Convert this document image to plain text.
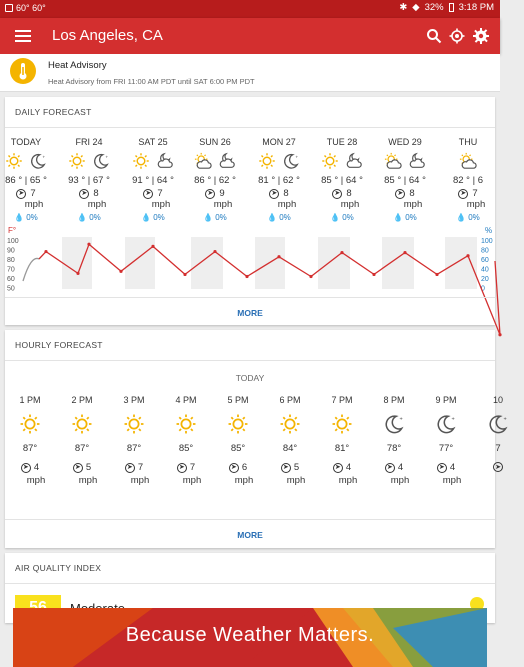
60° 60°	✱ ◆ 32% 3:18 PM
Los Angeles, CA
Heat Advisory
Heat Advisory from FRI 11:00 AM PDT until SAT 6:00 PM PDT
DAILY FORECAST
TODAY
+
86 ° | 65 °
➤ 7
mph
💧 0%
FRI 24
+
93 ° | 67 °
➤ 8
mph
💧 0%
SAT 25
91 ° | 64 °
➤ 7
mph
💧 0%
SUN 26
86 ° | 62 °
➤ 9
mph
💧 0%
MON 27
+
81 ° | 62 °
➤ 8
mph
💧 0%
TUE 28
85 ° | 64 °
➤ 8
mph
💧 0%
WED 29
85 ° | 64 °
➤ 8
mph
💧 0%
THU
82 ° | 6
➤ 7
mph
💧 0%
100
90
80
70
60
50
100
80
60
40
20
0
F°	%
MORE
HOURLY FORECAST
TODAY
1 PM
87°
➤ 4
mph
2 PM
87°
➤ 5
mph
3 PM
87°
➤ 7
mph
4 PM
85°
➤ 7
mph
5 PM
85°
➤ 6
mph
6 PM
84°
➤ 5
mph
7 PM
81°
➤ 4
mph
8 PM
+
78°
➤ 4
mph
9 PM
+
77°
➤ 4
mph
10
+
7
➤
MORE
AIR QUALITY INDEX
Because Weather Matters.
